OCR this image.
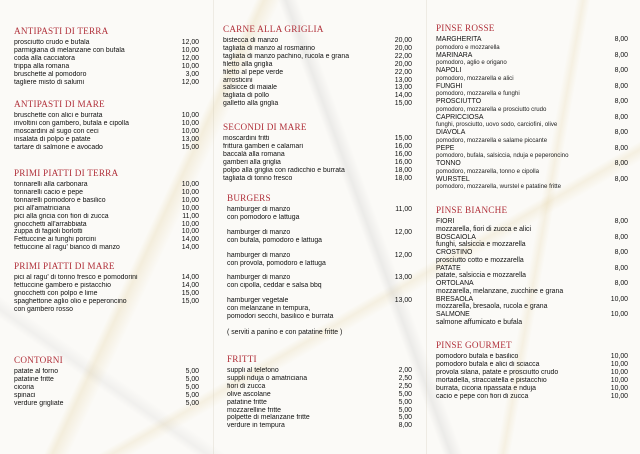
ANTIPASTI DI TERRA
prosciutto crudo e bufala	12,00
parmigiana di melanzane con bufala	10,00
coda alla cacciatora	12,00
trippa alla romana	10,00
bruschette al pomodoro	3,00
tagliere misto di salumi	12,00
ANTIPASTI DI MARE
bruschette con alici e burrata	10,00
involtini con gambero, bufala e cipolla	10,00
moscardini al sugo con ceci	10,00
insalata di polpo e patate	13,00
tartare di salmone e avocado	15,00
PRIMI PIATTI DI TERRA
tonnarelli alla carbonara	10,00
tonnarelli cacio e pepe	10,00
tonnarelli pomodoro e basilico	10,00
pici all'amatriciana	10,00
pici alla gricia con fiori di zucca	11,00
gnocchetti all'arrabbiata	10,00
zuppa di fagioli borlotti	10,00
Fettuccine ai funghi porcini	14,00
fettuccine al ragu' bianco di manzo	14,00
PRIMI PIATTI DI MARE
pici al ragu' di tonno fresco e pomodorini	14,00
fettuccine gambero e pistacchio	14,00
gnocchetti con polpo e lime	15,00
spaghettone aglio olio e peperoncino	15,00
con gambero rosso
CONTORNI
patate al forno	5,00
patatine fritte	5,00
cicoria	5,00
spinaci	5,00
verdure grigliate	5,00
CARNE ALLA GRIGLIA
bistecca di manzo	20,00
tagliata di manzo al rosmarino	20,00
tagliata di manzo pachino, rucola e grana	22,00
filetto alla griglia	20,00
filetto al pepe verde	22,00
arrosticini	13,00
salsicce di maiale	13,00
tagliata di pollo	14,00
galletto alla griglia	15,00
SECONDI DI MARE
moscardini fritti	15,00
frittura gamberi e calamari	16,00
baccalà alla romana	16,00
gamberi alla griglia	16,00
polpo alla griglia con radicchio e burrata	18,00
tagliata di tonno fresco	18,00
BURGERS
hamburger di manzo	11,00
con pomodoro e lattuga
hamburger di manzo	12,00
con bufala, pomodoro e lattuga
hamburger di manzo	12,00
con provola, pomodoro e lattuga
hamburger di manzo	13,00
con cipolla, ceddar e salsa bbq
hamburger vegetale	13,00
con melanzane in tempura,
pomodori secchi, basilico e burrata
( serviti a panino e con patatine fritte )
FRITTI
suppli al telefono	2,00
suppli nduja o amatriciana	2,50
fiori di zucca	2,50
olive ascolane	5,00
patatine fritte	5,00
mozzarelline fritte	5,00
polpette di melanzane fritte	5,00
verdure in tempura	8,00
PINSE ROSSE
MARGHERITA	8,00
pomodoro e mozzarella
MARINARA	8,00
pomodoro, aglio e origano
NAPOLI	8,00
pomodoro, mozzarella e alici
FUNGHI	8,00
pomodoro, mozzarella e funghi
PROSCIUTTO	8,00
pomodoro, mozzarella e prosciutto crudo
CAPRICCIOSA	8,00
funghi, prosciutto, uovo sodo, carciofini, olive
DIAVOLA	8,00
pomodoro, mozzarella e salame piccante
PEPE	8,00
pomodoro, bufala, salsiccia, nduja e peperoncino
TONNO	8,00
pomodoro, mozzarella, tonno e cipolla
WURSTEL	8,00
pomodoro, mozzarella, wurstel e patatine fritte
PINSE BIANCHE
FIORI	8,00
mozzarella, fiori di zucca e alici
BOSCAIOLA	8,00
funghi, salsiccia e mozzarella
CROSTINO	8,00
prosciutto cotto e mozzarella
PATATE	8,00
patate, salsiccia e mozzarella
ORTOLANA	8,00
mozzarella, melanzane, zucchine e grana
BRESAOLA	10,00
mozzarella, bresaola, rucola e grana
SALMONE	10,00
salmone affumicato e bufala
PINSE GOURMET
pomodoro bufala e basilico	10,00
pomodoro bufala e alici di sciacca	10,00
provola silana, patate e prosciutto crudo	10,00
mortadella, stracciatella e pistacchio	10,00
burrata, cicoria ripassata e nduja	10,00
cacio e pepe con fiori di zucca	10,00
